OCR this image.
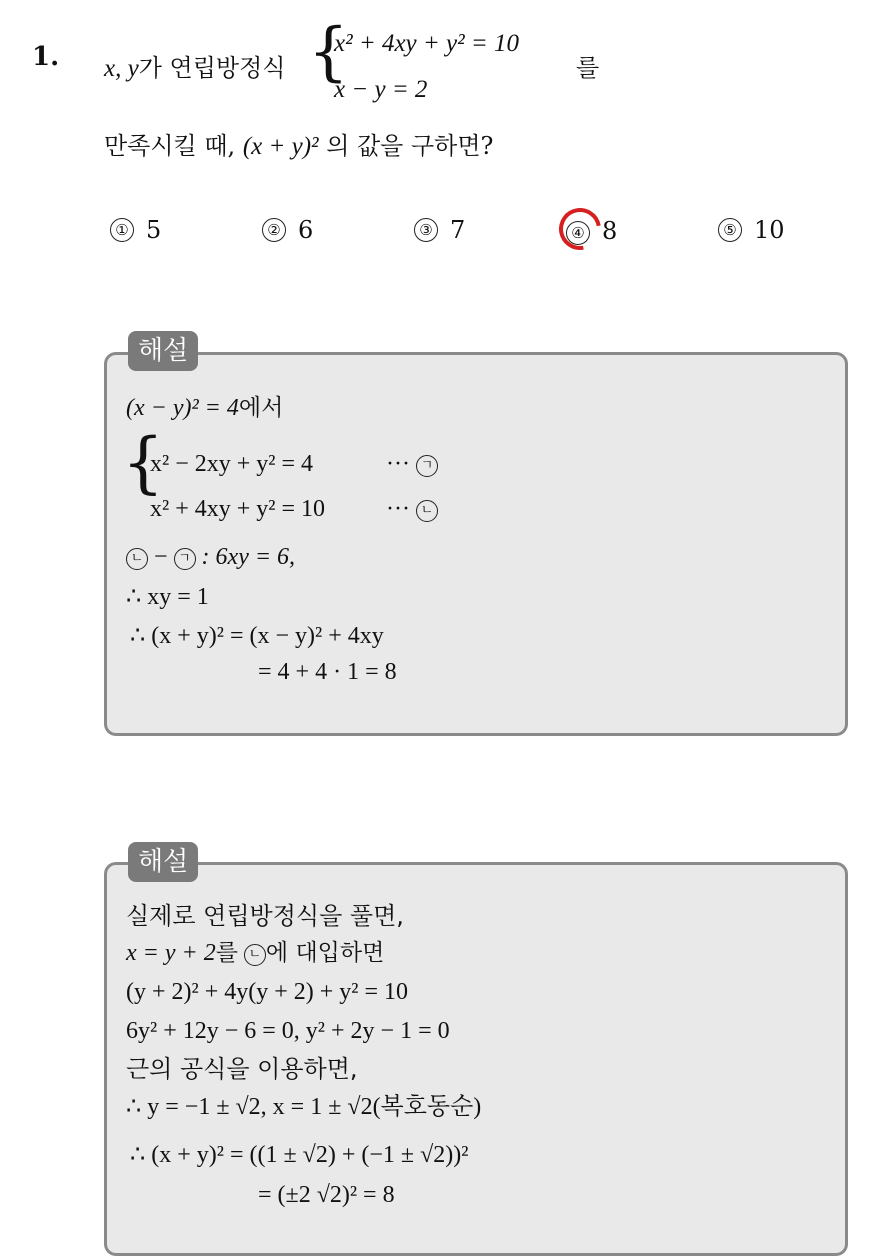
1. x, y가 연립방정식 {
x² + 4xy + y² = 10
x − y = 2
를
만족시킬 때, (x + y)² 의 값을 구하면?
① 5	② 6	③ 7	④ 8	⑤ 10
해설
(x − y)² = 4에서
{
x² − 2xy + y² = 4	··· ㄱ
x² + 4xy + y² = 10	··· ㄴ
ㄴ − ㄱ : 6xy = 6,
∴ xy = 1
∴ (x + y)² = (x − y)² + 4xy
= 4 + 4 · 1 = 8
해설
실제로 연립방정식을 풀면,
x = y + 2를 ㄴ 에 대입하면
(y + 2)² + 4y(y + 2) + y² = 10
6y² + 12y − 6 = 0, y² + 2y − 1 = 0
근의 공식을 이용하면,
∴ y = −1 ± √2, x = 1 ± √2(복호동순)
∴ (x + y)² = ((1 ± √2) + (−1 ± √2))²
= (±2 √2)² = 8
